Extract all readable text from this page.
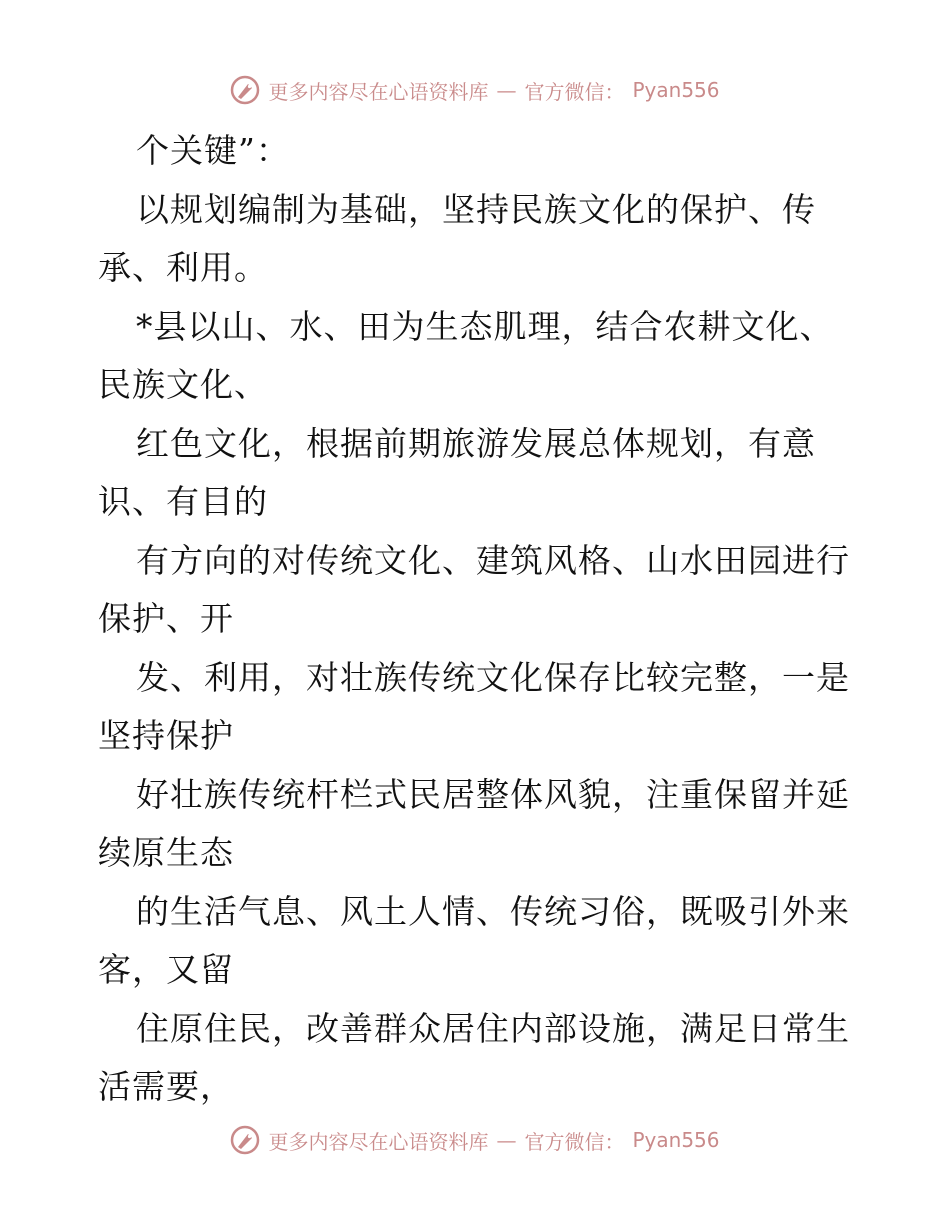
更多内容尽在心语资料库 — 官方微信： Pyan556
个关键”：
以规划编制为基础，坚持民族文化的保护、传
承、利用。
*县以山、水、田为生态肌理，结合农耕文化、
民族文化、
红色文化，根据前期旅游发展总体规划，有意
识、有目的
有方向的对传统文化、建筑风格、山水田园进行
保护、开
发、利用，对壮族传统文化保存比较完整，一是
坚持保护
好壮族传统杆栏式民居整体风貌，注重保留并延
续原生态
的生活气息、风土人情、传统习俗，既吸引外来
客，又留
住原住民，改善群众居住内部设施，满足日常生
活需要，
更多内容尽在心语资料库 — 官方微信： Pyan556
